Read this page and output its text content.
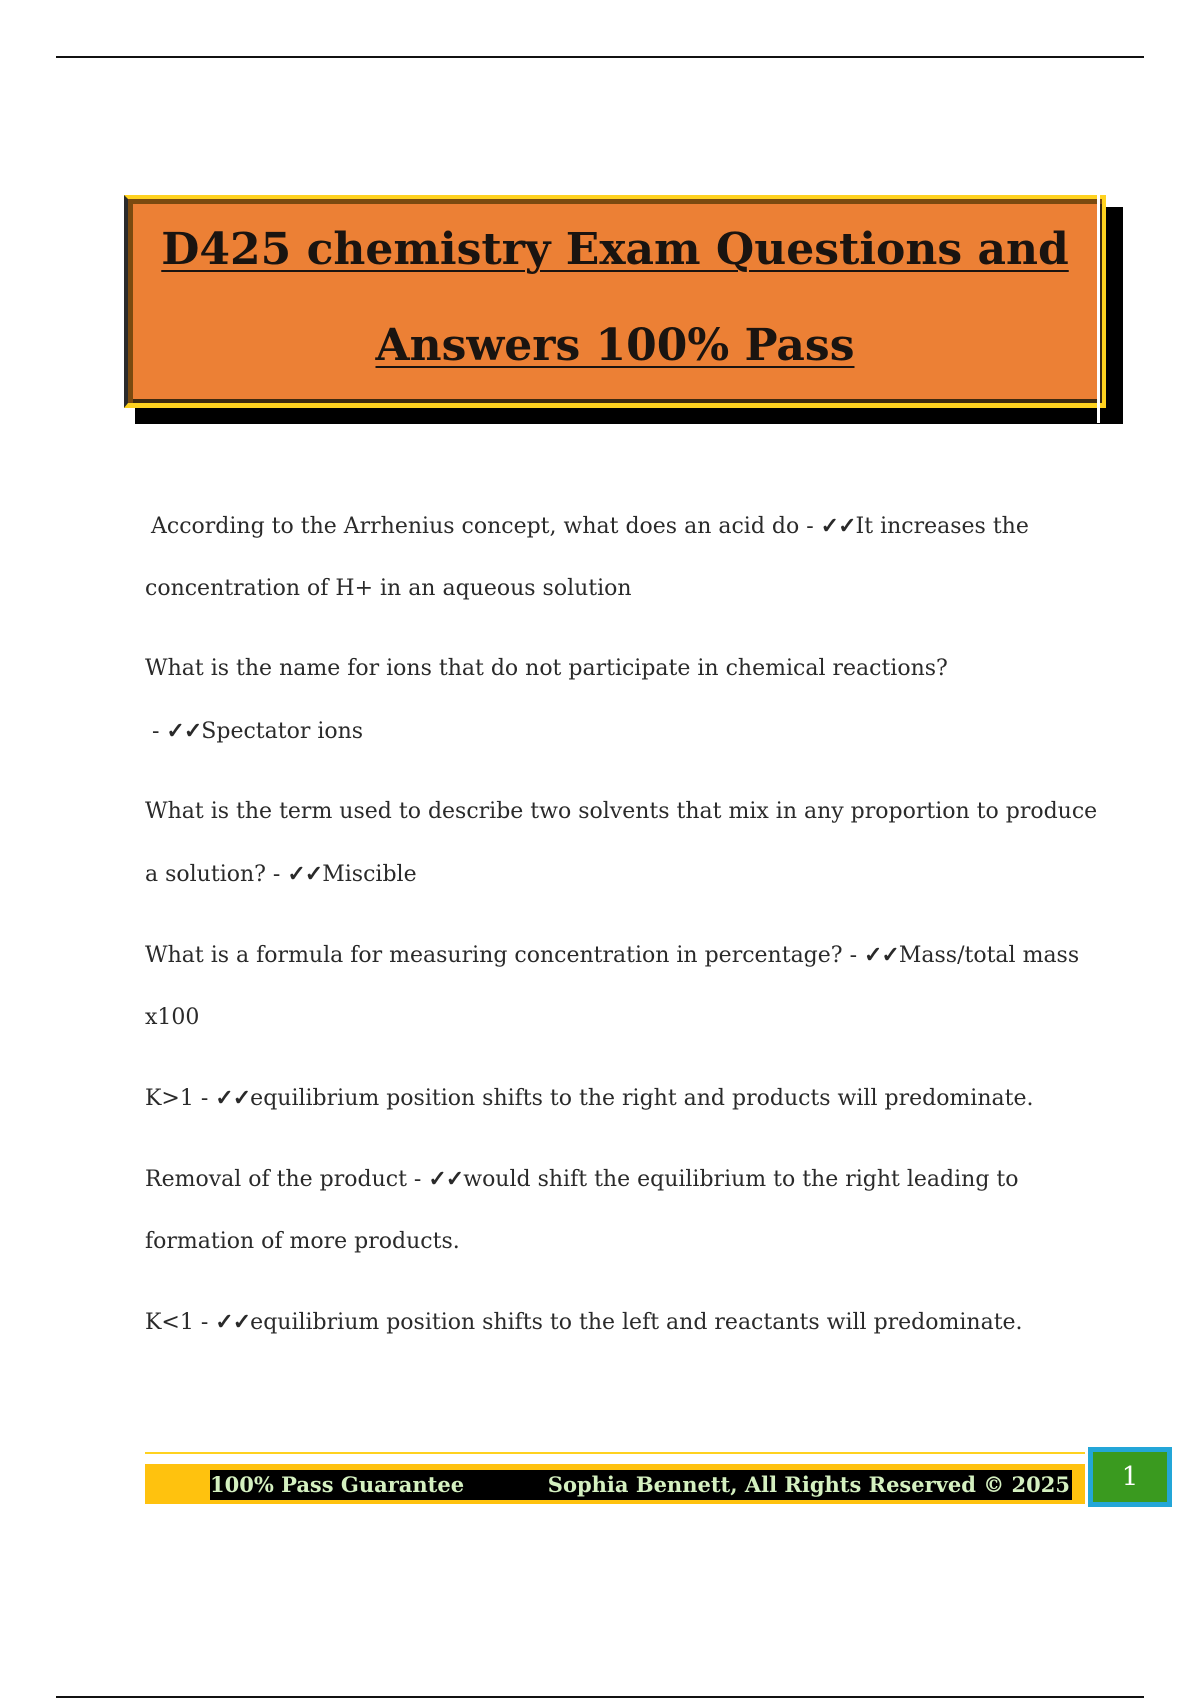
D425 chemistry Exam Questions and
Answers 100% Pass
According to the Arrhenius concept, what does an acid do - ✓✓It increases the concentration of H+ in an aqueous solution
What is the name for ions that do not participate in chemical reactions? - ✓✓Spectator ions
What is the term used to describe two solvents that mix in any proportion to produce a solution? - ✓✓Miscible
What is a formula for measuring concentration in percentage? - ✓✓Mass/total mass x100
K>1 - ✓✓equilibrium position shifts to the right and products will predominate.
Removal of the product - ✓✓would shift the equilibrium to the right leading to formation of more products.
K<1 - ✓✓equilibrium position shifts to the left and reactants will predominate.
100% Pass Guarantee	Sophia Bennett, All Rights Reserved © 2025	1
